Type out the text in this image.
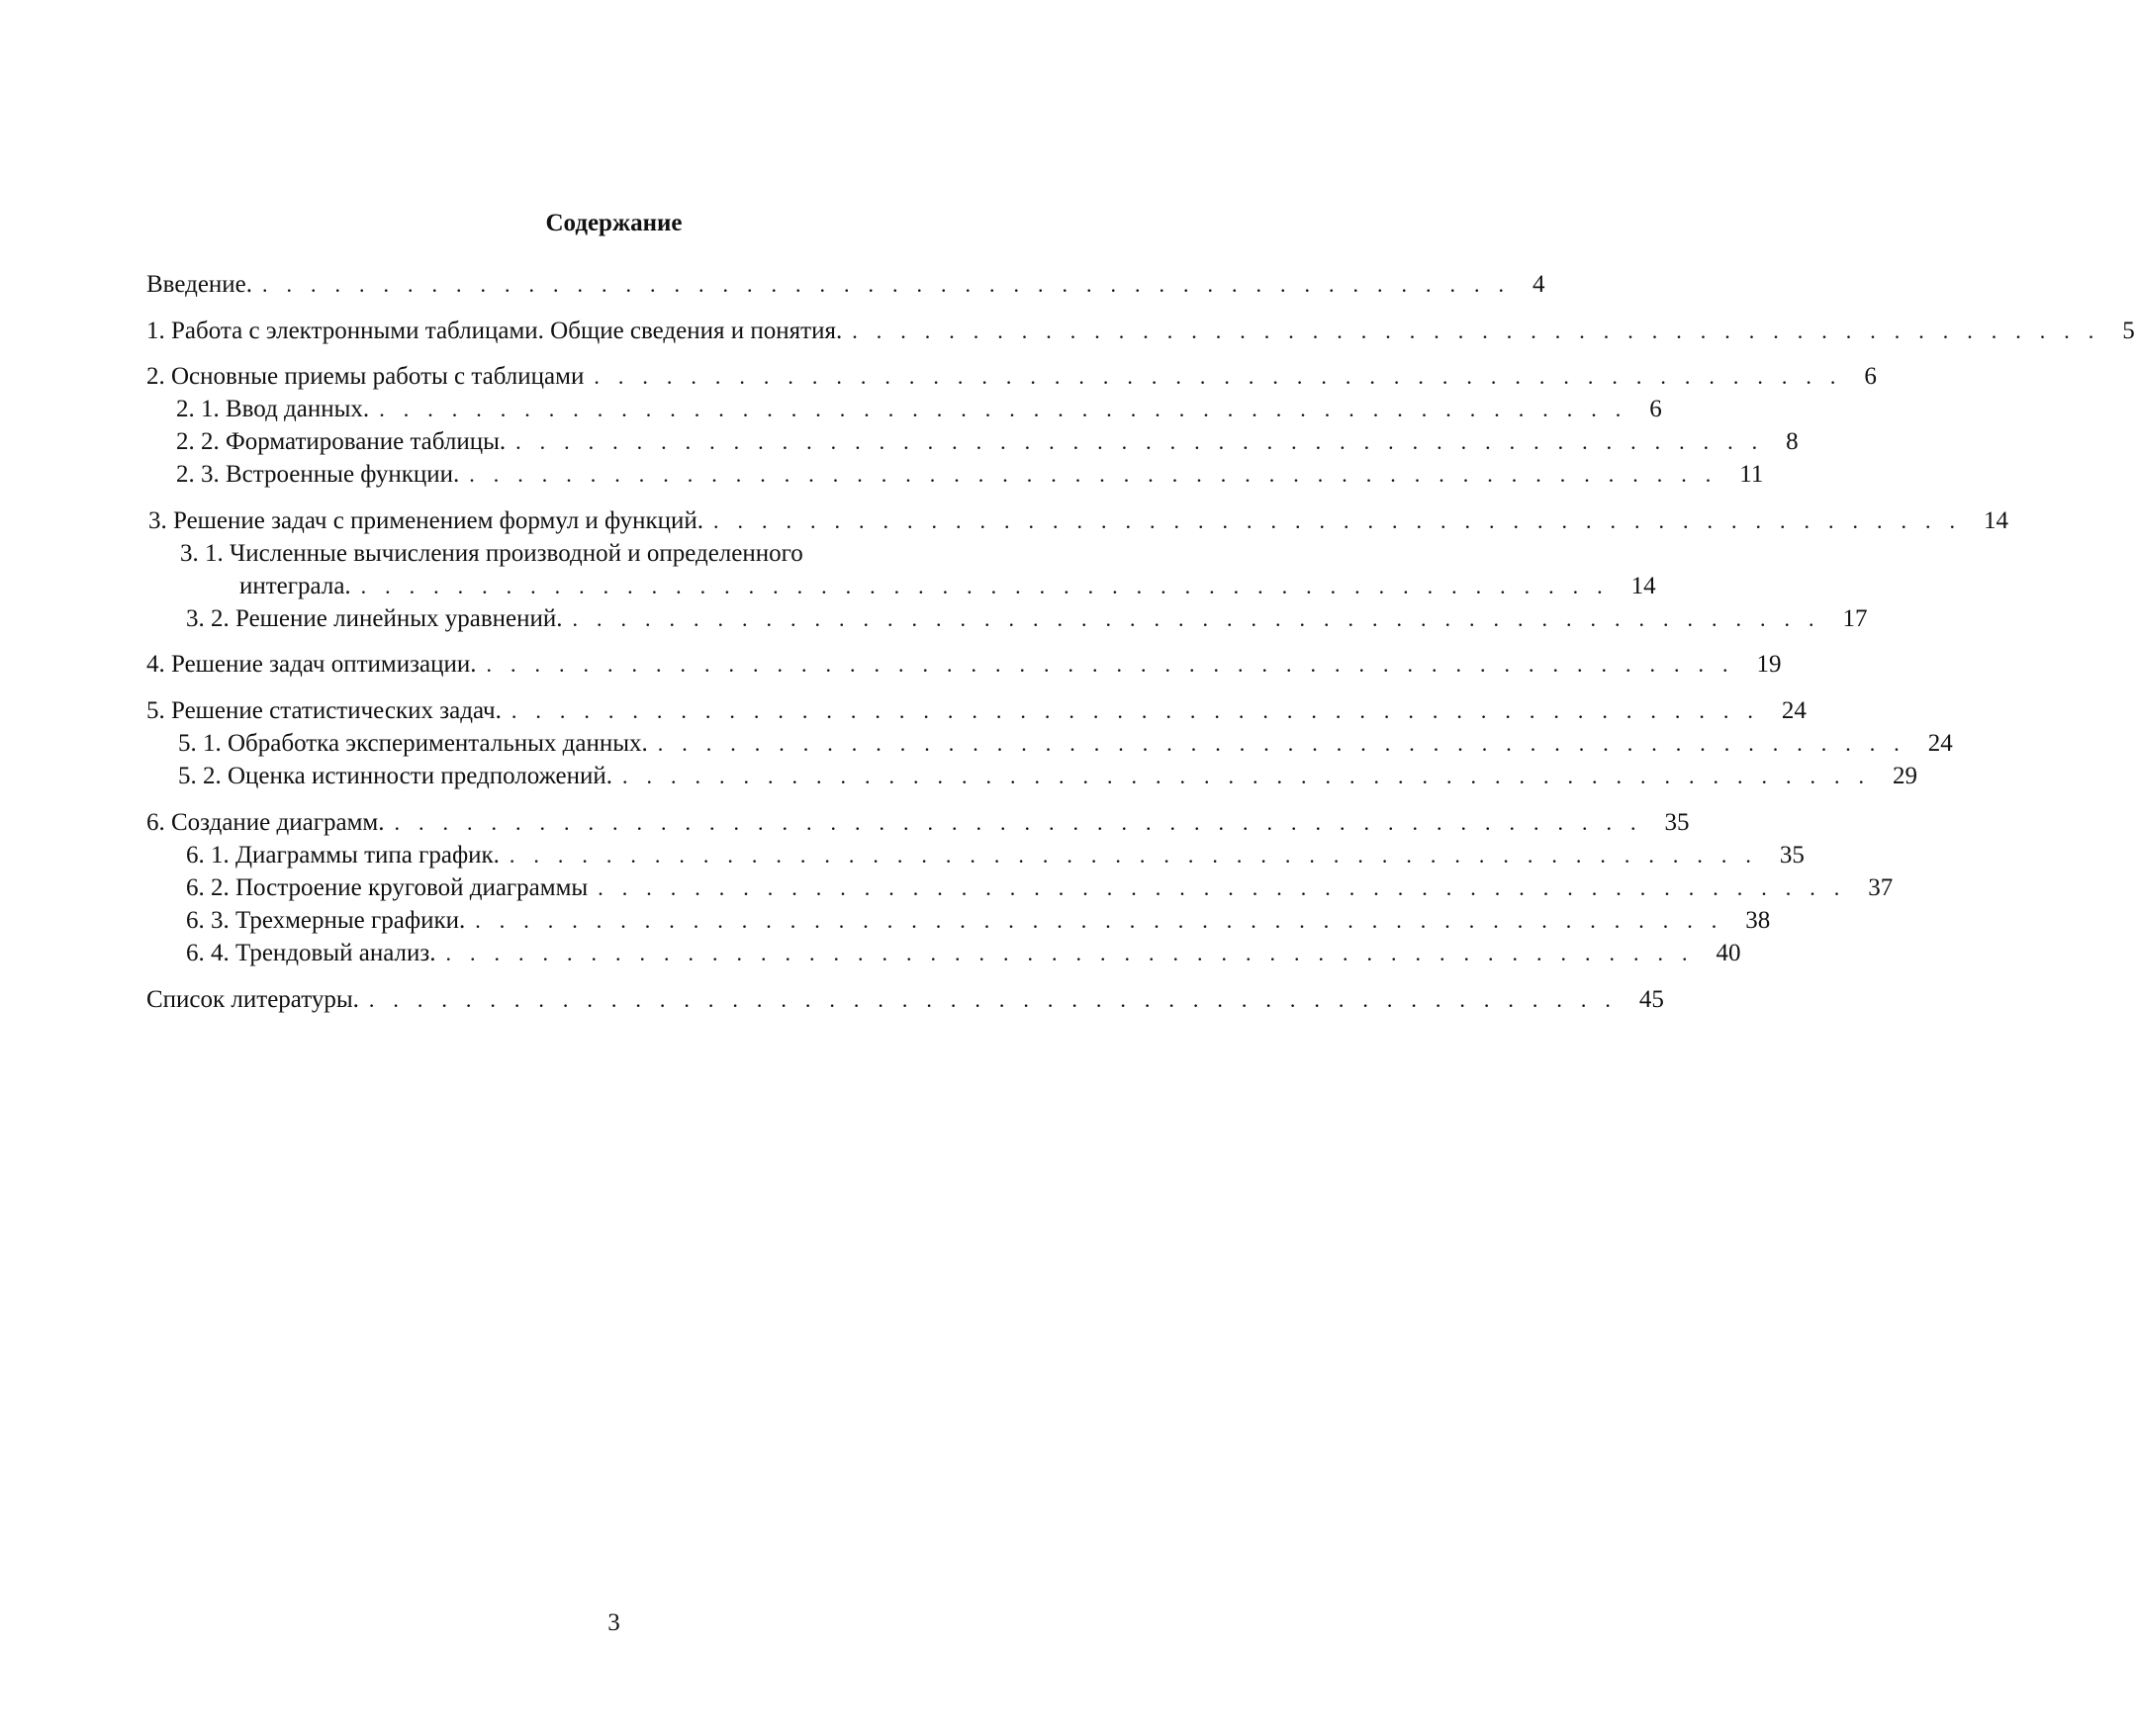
Содержание
Введение. .................................................... 4
1. Работа с электронными таблицами. Общие сведения и понятия. .................................................... 5
2. Основные приемы работы с таблицами .................................................... 6
2. 1. Ввод данных. .................................................... 6
2. 2. Форматирование таблицы. .................................................... 8
2. 3. Встроенные функции. .................................................... 11
3. Решение задач с применением формул и функций. .................................................... 14
3. 1. Численные вычисления производной и определенного
интеграла. .................................................... 14
3. 2. Решение линейных уравнений. .................................................... 17
4. Решение задач оптимизации. .................................................... 19
5. Решение статистических задач. .................................................... 24
5. 1. Обработка экспериментальных данных. .................................................... 24
5. 2. Оценка истинности предположений. .................................................... 29
6. Создание диаграмм. .................................................... 35
6. 1. Диаграммы типа график. .................................................... 35
6. 2. Построение круговой диаграммы .................................................... 37
6. 3. Трехмерные графики. .................................................... 38
6. 4. Трендовый анализ. .................................................... 40
Список литературы. .................................................... 45
3
